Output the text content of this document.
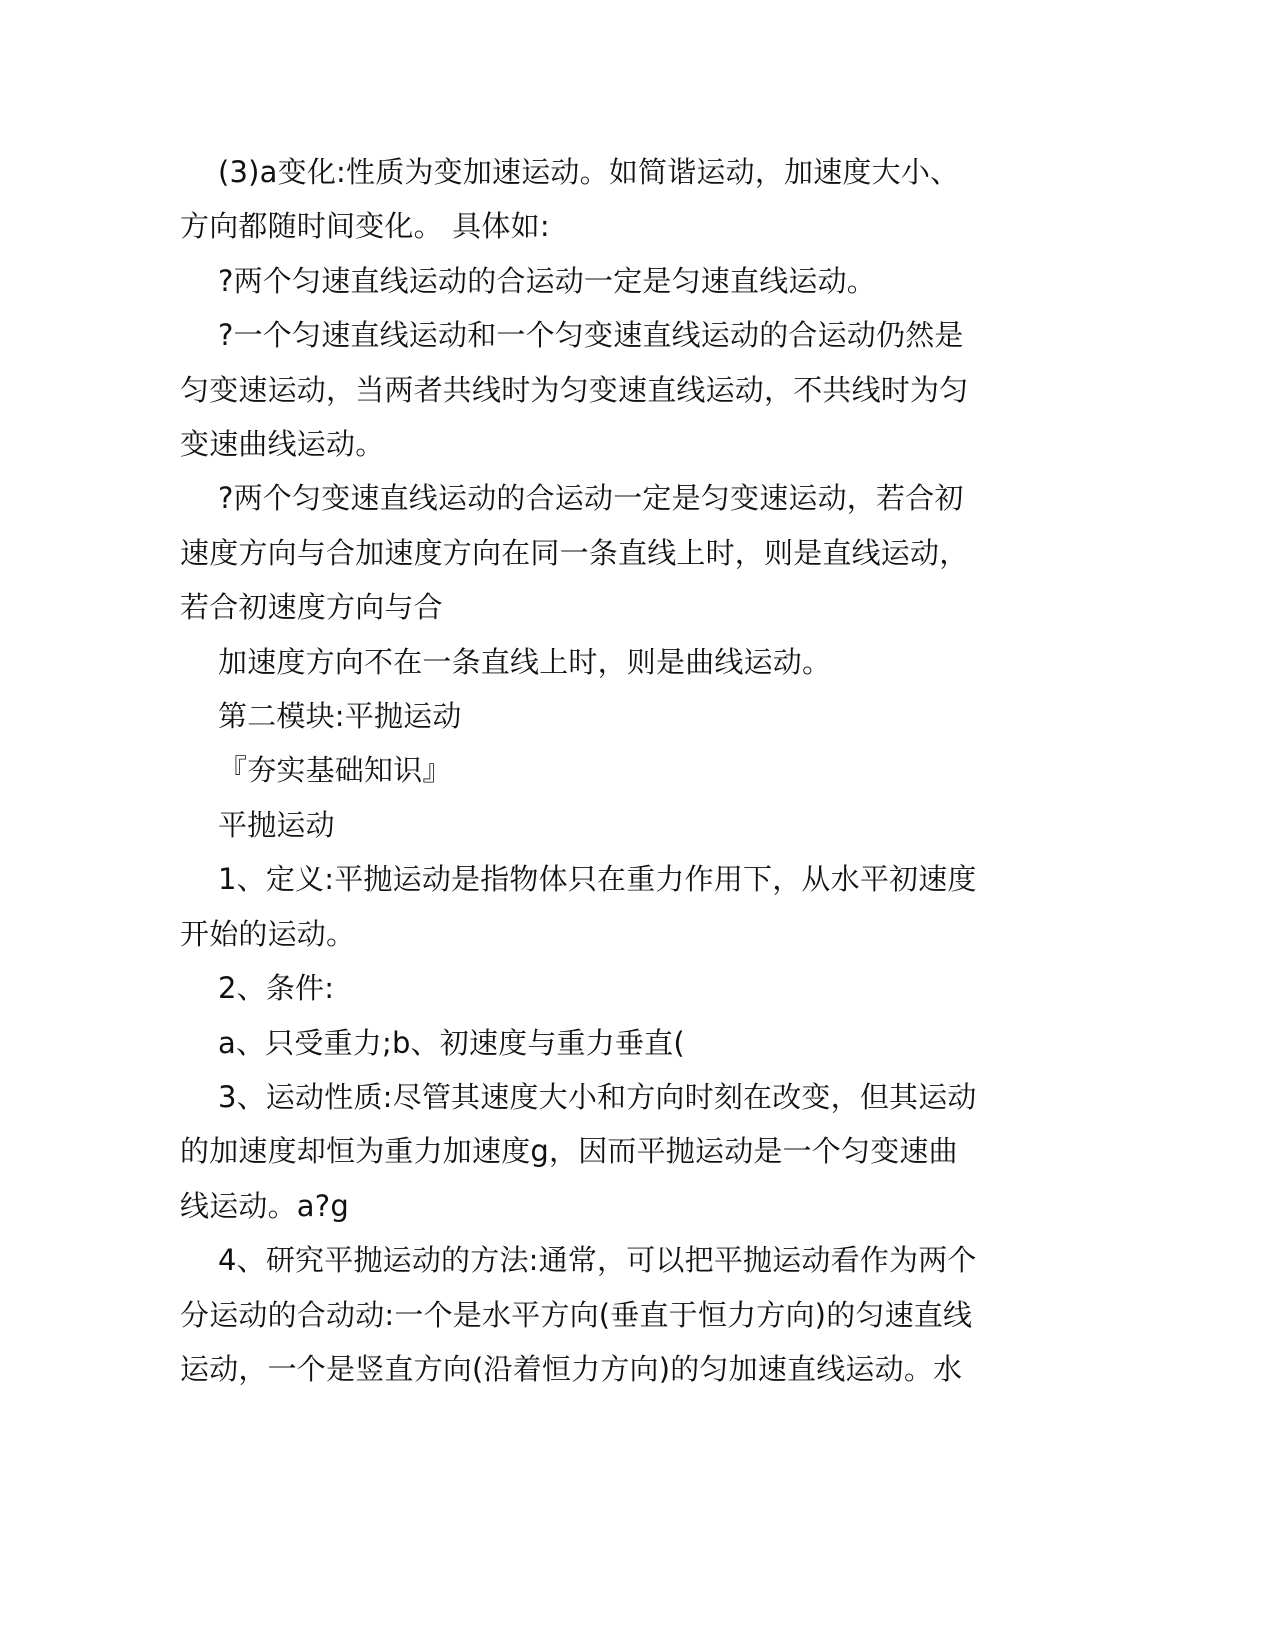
(3)a变化:性质为变加速运动。如简谐运动，加速度大小、
方向都随时间变化。 具体如:
?两个匀速直线运动的合运动一定是匀速直线运动。
?一个匀速直线运动和一个匀变速直线运动的合运动仍然是
匀变速运动，当两者共线时为匀变速直线运动，不共线时为匀
变速曲线运动。
?两个匀变速直线运动的合运动一定是匀变速运动，若合初
速度方向与合加速度方向在同一条直线上时，则是直线运动，
若合初速度方向与合
加速度方向不在一条直线上时，则是曲线运动。
第二模块:平抛运动
『夯实基础知识』
平抛运动
1、定义:平抛运动是指物体只在重力作用下，从水平初速度
开始的运动。
2、条件:
a、只受重力;b、初速度与重力垂直(
3、运动性质:尽管其速度大小和方向时刻在改变，但其运动
的加速度却恒为重力加速度g，因而平抛运动是一个匀变速曲
线运动。a?g
4、研究平抛运动的方法:通常，可以把平抛运动看作为两个
分运动的合动动:一个是水平方向(垂直于恒力方向)的匀速直线
运动，一个是竖直方向(沿着恒力方向)的匀加速直线运动。水
